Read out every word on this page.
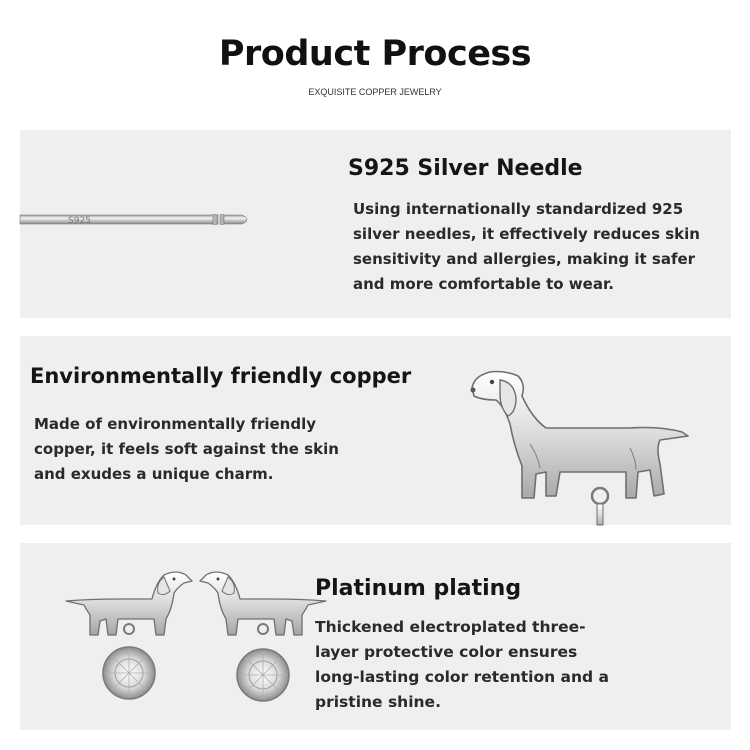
Product Process
EXQUISITE COPPER JEWELRY
S925
S925 Silver Needle
Using internationally standardized 925
silver needles, it effectively reduces skin
sensitivity and allergies, making it safer
and more comfortable to wear.
Environmentally friendly copper
Made of environmentally friendly
copper, it feels soft against the skin
and exudes a unique charm.
Platinum plating
Thickened electroplated three-
layer protective color ensures
long-lasting color retention and a
pristine shine.
